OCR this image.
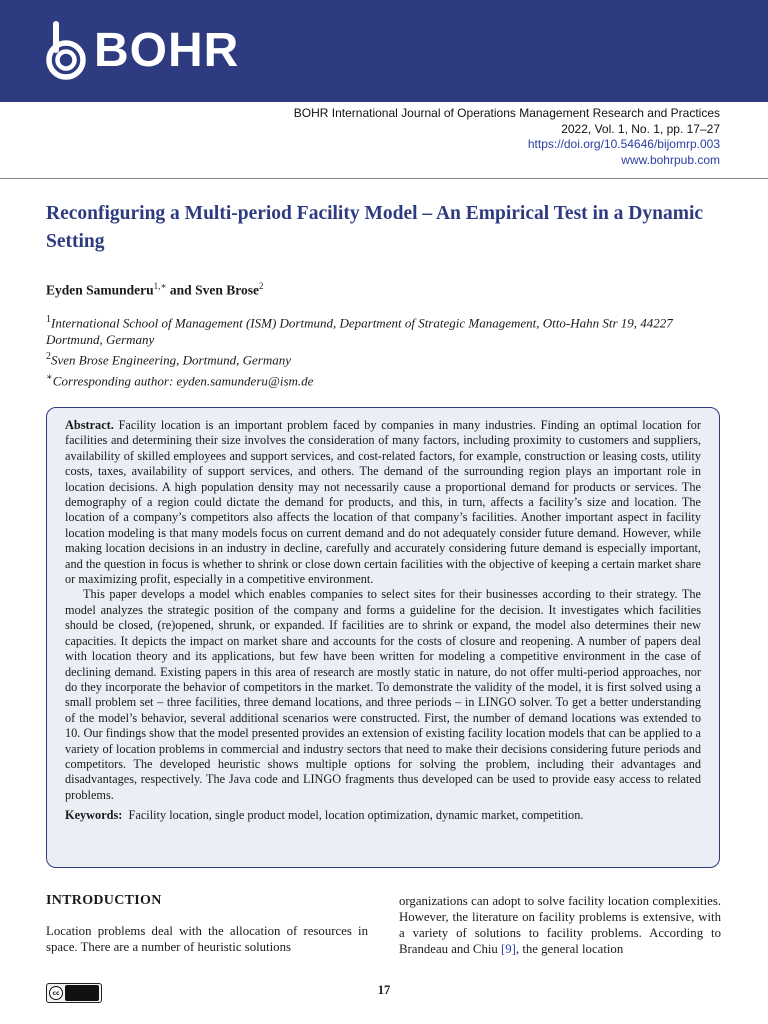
BOHR
BOHR International Journal of Operations Management Research and Practices
2022, Vol. 1, No. 1, pp. 17–27
https://doi.org/10.54646/bijomrp.003
www.bohrpub.com
Reconfiguring a Multi-period Facility Model – An Empirical Test in a Dynamic Setting
Eyden Samunderu$^{1,∗}$ and Sven Brose$^2$
$^1$International School of Management (ISM) Dortmund, Department of Strategic Management, Otto-Hahn Str 19, 44227 Dortmund, Germany
$^2$Sven Brose Engineering, Dortmund, Germany
∗Corresponding author: eyden.samunderu@ism.de

Abstract. Facility location is an important problem faced by companies in many industries. Finding an optimal location for facilities and determining their size involves the consideration of many factors, including proximity to customers and suppliers, availability of skilled employees and support services, and cost-related factors, for example, construction or leasing costs, utility costs, taxes, availability of support services, and others. The demand of the surrounding region plays an important role in location decisions. A high population density may not necessarily cause a proportional demand for products or services. The demography of a region could dictate the demand for products, and this, in turn, affects a facility’s size and location. The location of a company’s competitors also affects the location of that company’s facilities. Another important aspect in facility location modeling is that many models focus on current demand and do not adequately consider future demand. However, while making location decisions in an industry in decline, carefully and accurately considering future demand is especially important, and the question in focus is whether to shrink or close down certain facilities with the objective of keeping a certain market share or maximizing profit, especially in a competitive environment.

This paper develops a model which enables companies to select sites for their businesses according to their strategy. The model analyzes the strategic position of the company and forms a guideline for the decision. It investigates which facilities should be closed, (re)opened, shrunk, or expanded. If facilities are to shrink or expand, the model also determines their new capacities. It depicts the impact on market share and accounts for the costs of closure and reopening. A number of papers deal with location theory and its applications, but few have been written for modeling a competitive environment in the case of declining demand. Existing papers in this area of research are mostly static in nature, do not offer multi-period approaches, nor do they incorporate the behavior of competitors in the market. To demonstrate the validity of the model, it is first solved using a small problem set – three facilities, three demand locations, and three periods – in LINGO solver. To get a better understanding of the model’s behavior, several additional scenarios were constructed. First, the number of demand locations was extended to 10. Our findings show that the model presented provides an extension of existing facility location models that can be applied to a variety of location problems in commercial and industry sectors that need to make their decisions considering future periods and competitors. The developed heuristic shows multiple options for solving the problem, including their advantages and disadvantages, respectively. The Java code and LINGO fragments thus developed can be used to provide easy access to related problems.

Keywords: Facility location, single product model, location optimization, dynamic market, competition.

INTRODUCTION

Location problems deal with the allocation of resources in space. There are a number of heuristic solutions

organizations can adopt to solve facility location complexities. However, the literature on facility problems is extensive, with a variety of solutions to facility problems. According to Brandeau and Chiu [9], the general location

cc	17
